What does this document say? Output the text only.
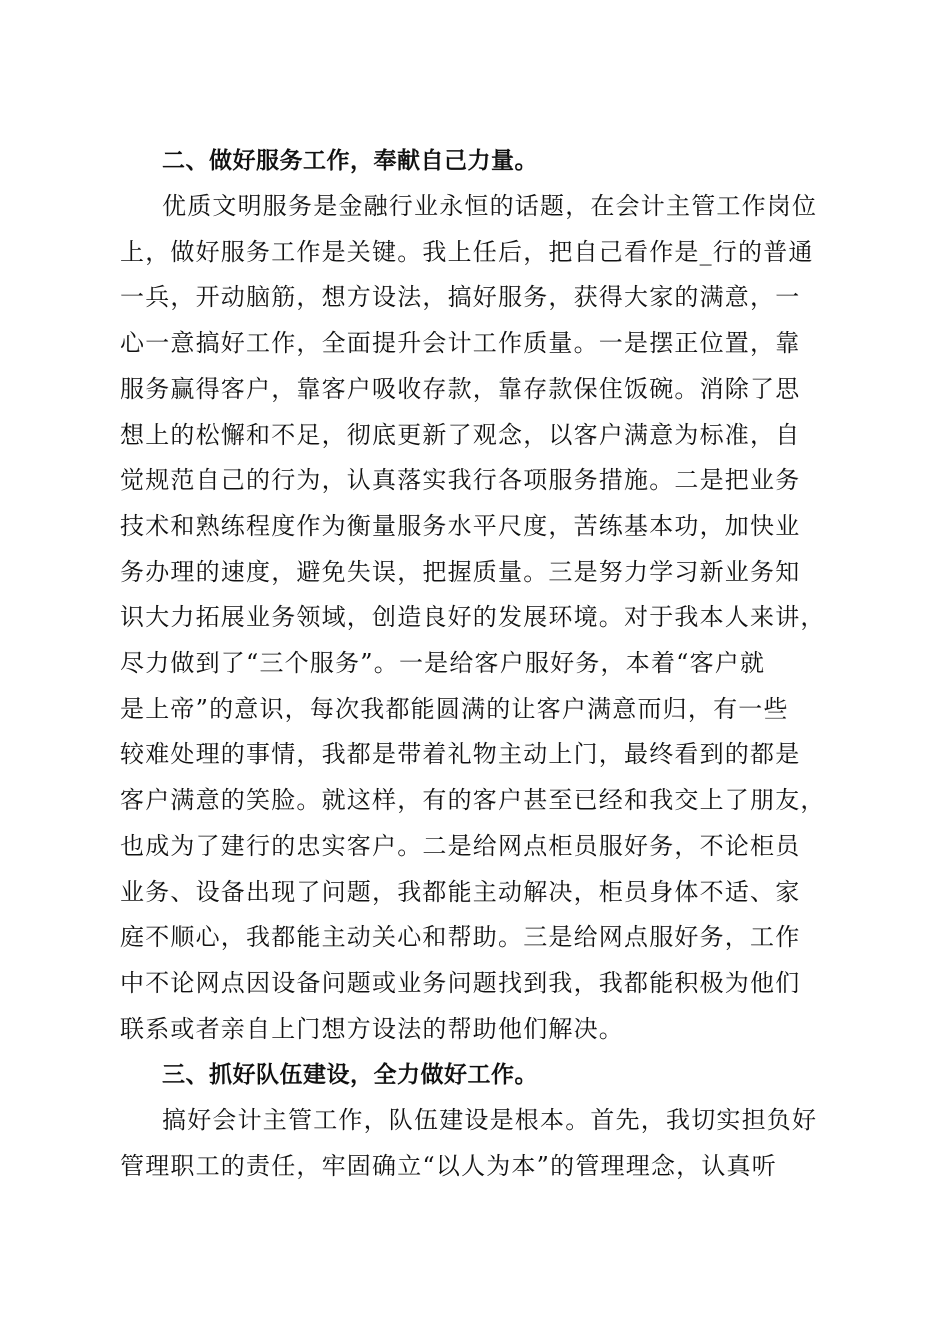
二、做好服务工作，奉献自己力量。
优质文明服务是金融行业永恒的话题，在会计主管工作岗位
上，做好服务工作是关键。我上任后，把自己看作是_行的普通
一兵，开动脑筋，想方设法，搞好服务，获得大家的满意，一
心一意搞好工作，全面提升会计工作质量。一是摆正位置，靠
服务赢得客户，靠客户吸收存款，靠存款保住饭碗。消除了思
想上的松懈和不足，彻底更新了观念，以客户满意为标准，自
觉规范自己的行为，认真落实我行各项服务措施。二是把业务
技术和熟练程度作为衡量服务水平尺度，苦练基本功，加快业
务办理的速度，避免失误，把握质量。三是努力学习新业务知
识大力拓展业务领域，创造良好的发展环境。对于我本人来讲，
尽力做到了“三个服务”。一是给客户服好务，本着“客户就
是上帝”的意识，每次我都能圆满的让客户满意而归，有一些
较难处理的事情，我都是带着礼物主动上门，最终看到的都是
客户满意的笑脸。就这样，有的客户甚至已经和我交上了朋友，
也成为了建行的忠实客户。二是给网点柜员服好务，不论柜员
业务、设备出现了问题，我都能主动解决，柜员身体不适、家
庭不顺心，我都能主动关心和帮助。三是给网点服好务，工作
中不论网点因设备问题或业务问题找到我，我都能积极为他们
联系或者亲自上门想方设法的帮助他们解决。
三、抓好队伍建设，全力做好工作。
搞好会计主管工作，队伍建设是根本。首先，我切实担负好
管理职工的责任，牢固确立“以人为本”的管理理念，认真听
